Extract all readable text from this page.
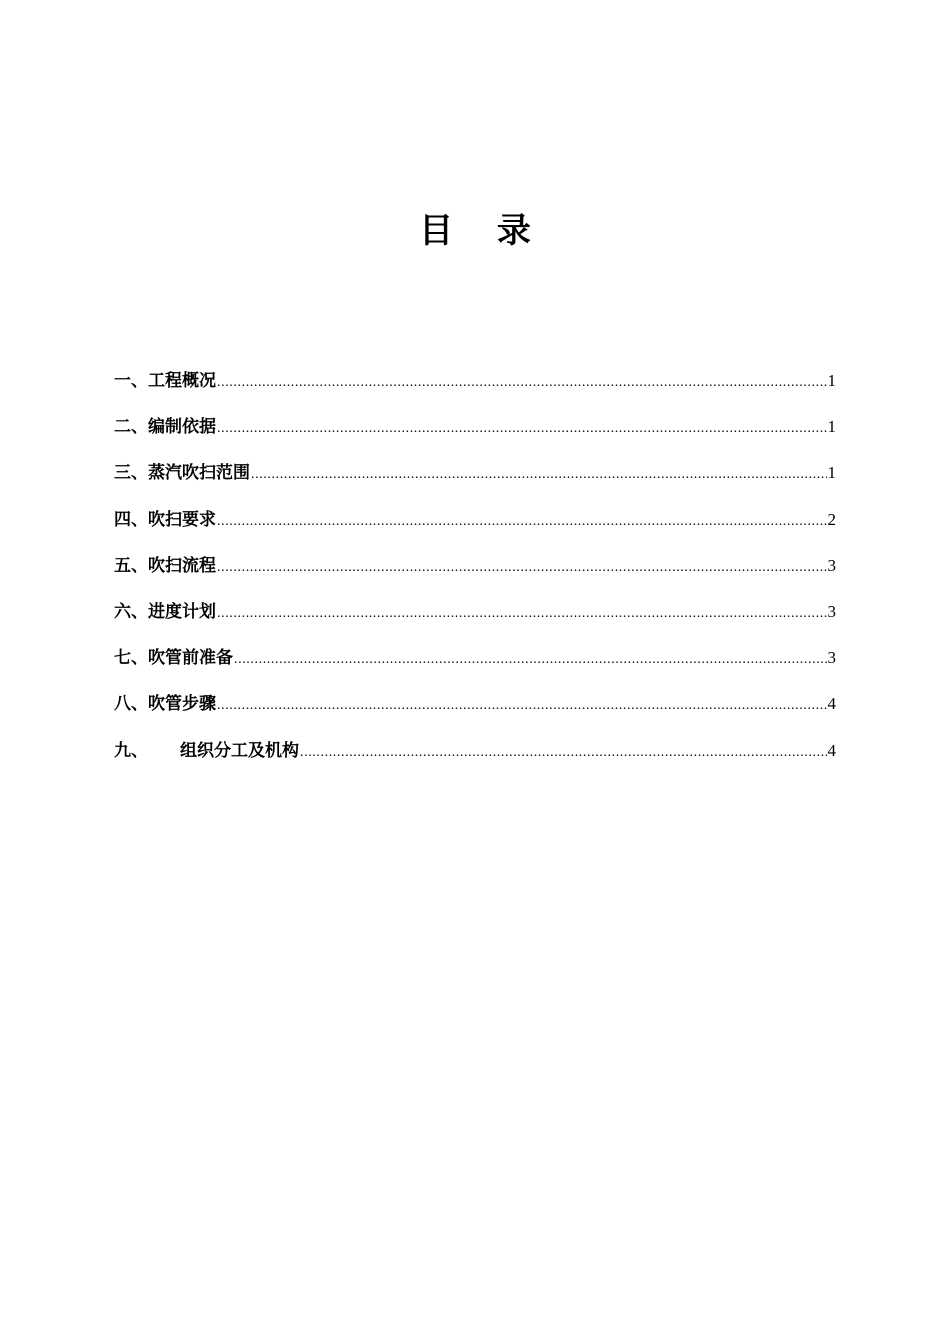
目 录
一、 工程概况 .....	1
二、 编制依据 .....	1
三、 蒸汽吹扫范围 .....	1
四、 吹扫要求 .....	2
五、 吹扫流程 .....	3
六、 进度计划 .....	3
七、 吹管前准备 .....	3
八、 吹管步骤 .....	4
九、	组织分工及机构 .....	4
